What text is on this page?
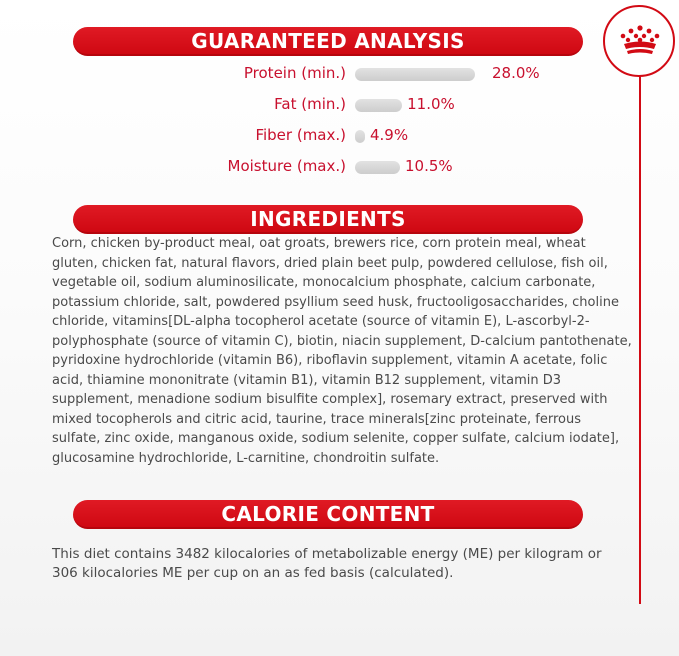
GUARANTEED ANALYSIS
Protein (min.)	28.0%
Fat (min.)	11.0%
Fiber (max.) 4.9%
Moisture (max.)	10.5%
INGREDIENTS

Corn, chicken by-product meal, oat groats, brewers rice, corn protein meal, wheat gluten, chicken fat, natural flavors, dried plain beet pulp, powdered cellulose, fish oil, vegetable oil, sodium aluminosilicate, monocalcium phosphate, calcium carbonate, potassium chloride, salt, powdered psyllium seed husk, fructooligosaccharides, choline chloride, vitamins[DL-alpha tocopherol acetate (source of vitamin E), L-ascorbyl-2-polyphosphate (source of vitamin C), biotin, niacin supplement, D-calcium pantothenate, pyridoxine hydrochloride (vitamin B6), riboflavin supplement, vitamin A acetate, folic acid, thiamine mononitrate (vitamin B1), vitamin B12 supplement, vitamin D3 supplement, menadione sodium bisulfite complex], rosemary extract, preserved with mixed tocopherols and citric acid, taurine, trace minerals[zinc proteinate, ferrous sulfate, zinc oxide, manganous oxide, sodium selenite, copper sulfate, calcium iodate], glucosamine hydrochloride, L-carnitine, chondroitin sulfate.

CALORIE CONTENT

This diet contains 3482 kilocalories of metabolizable energy (ME) per kilogram or 306 kilocalories ME per cup on an as fed basis (calculated).
